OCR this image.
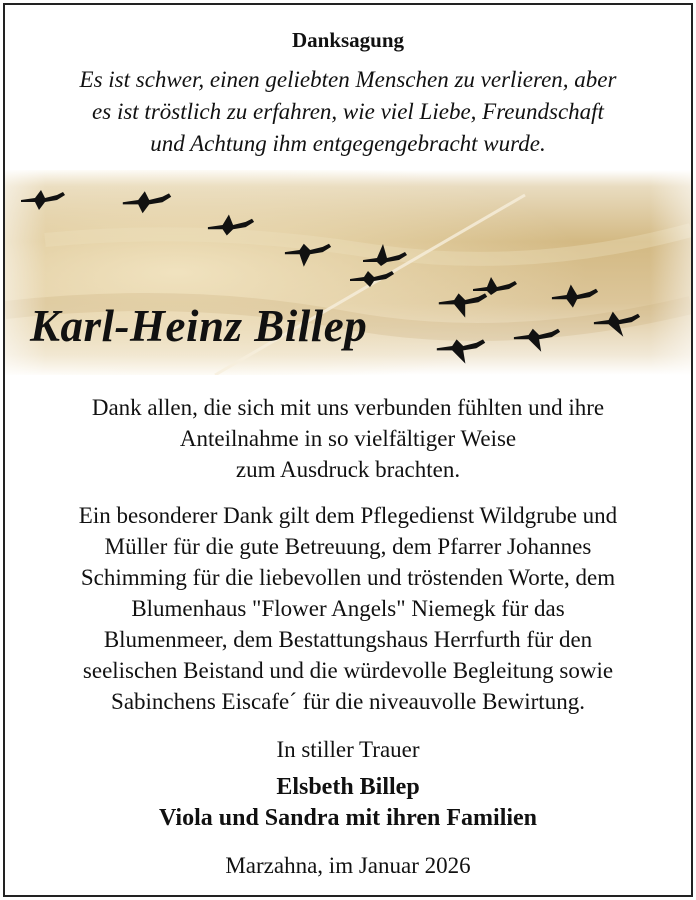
Danksagung
Es ist schwer, einen geliebten Menschen zu verlieren, aber
es ist tröstlich zu erfahren, wie viel Liebe, Freundschaft
und Achtung ihm entgegengebracht wurde.
Karl-Heinz Billep
Dank allen, die sich mit uns verbunden fühlten und ihre
Anteilnahme in so vielfältiger Weise
zum Ausdruck brachten.
Ein besonderer Dank gilt dem Pflegedienst Wildgrube und
Müller für die gute Betreuung, dem Pfarrer Johannes
Schimming für die liebevollen und tröstenden Worte, dem
Blumenhaus "Flower Angels" Niemegk für das
Blumenmeer, dem Bestattungshaus Herrfurth für den
seelischen Beistand und die würdevolle Begleitung sowie
Sabinchens Eiscafe´ für die niveauvolle Bewirtung.
In stiller Trauer
Elsbeth Billep
Viola und Sandra mit ihren Familien
Marzahna, im Januar 2026
